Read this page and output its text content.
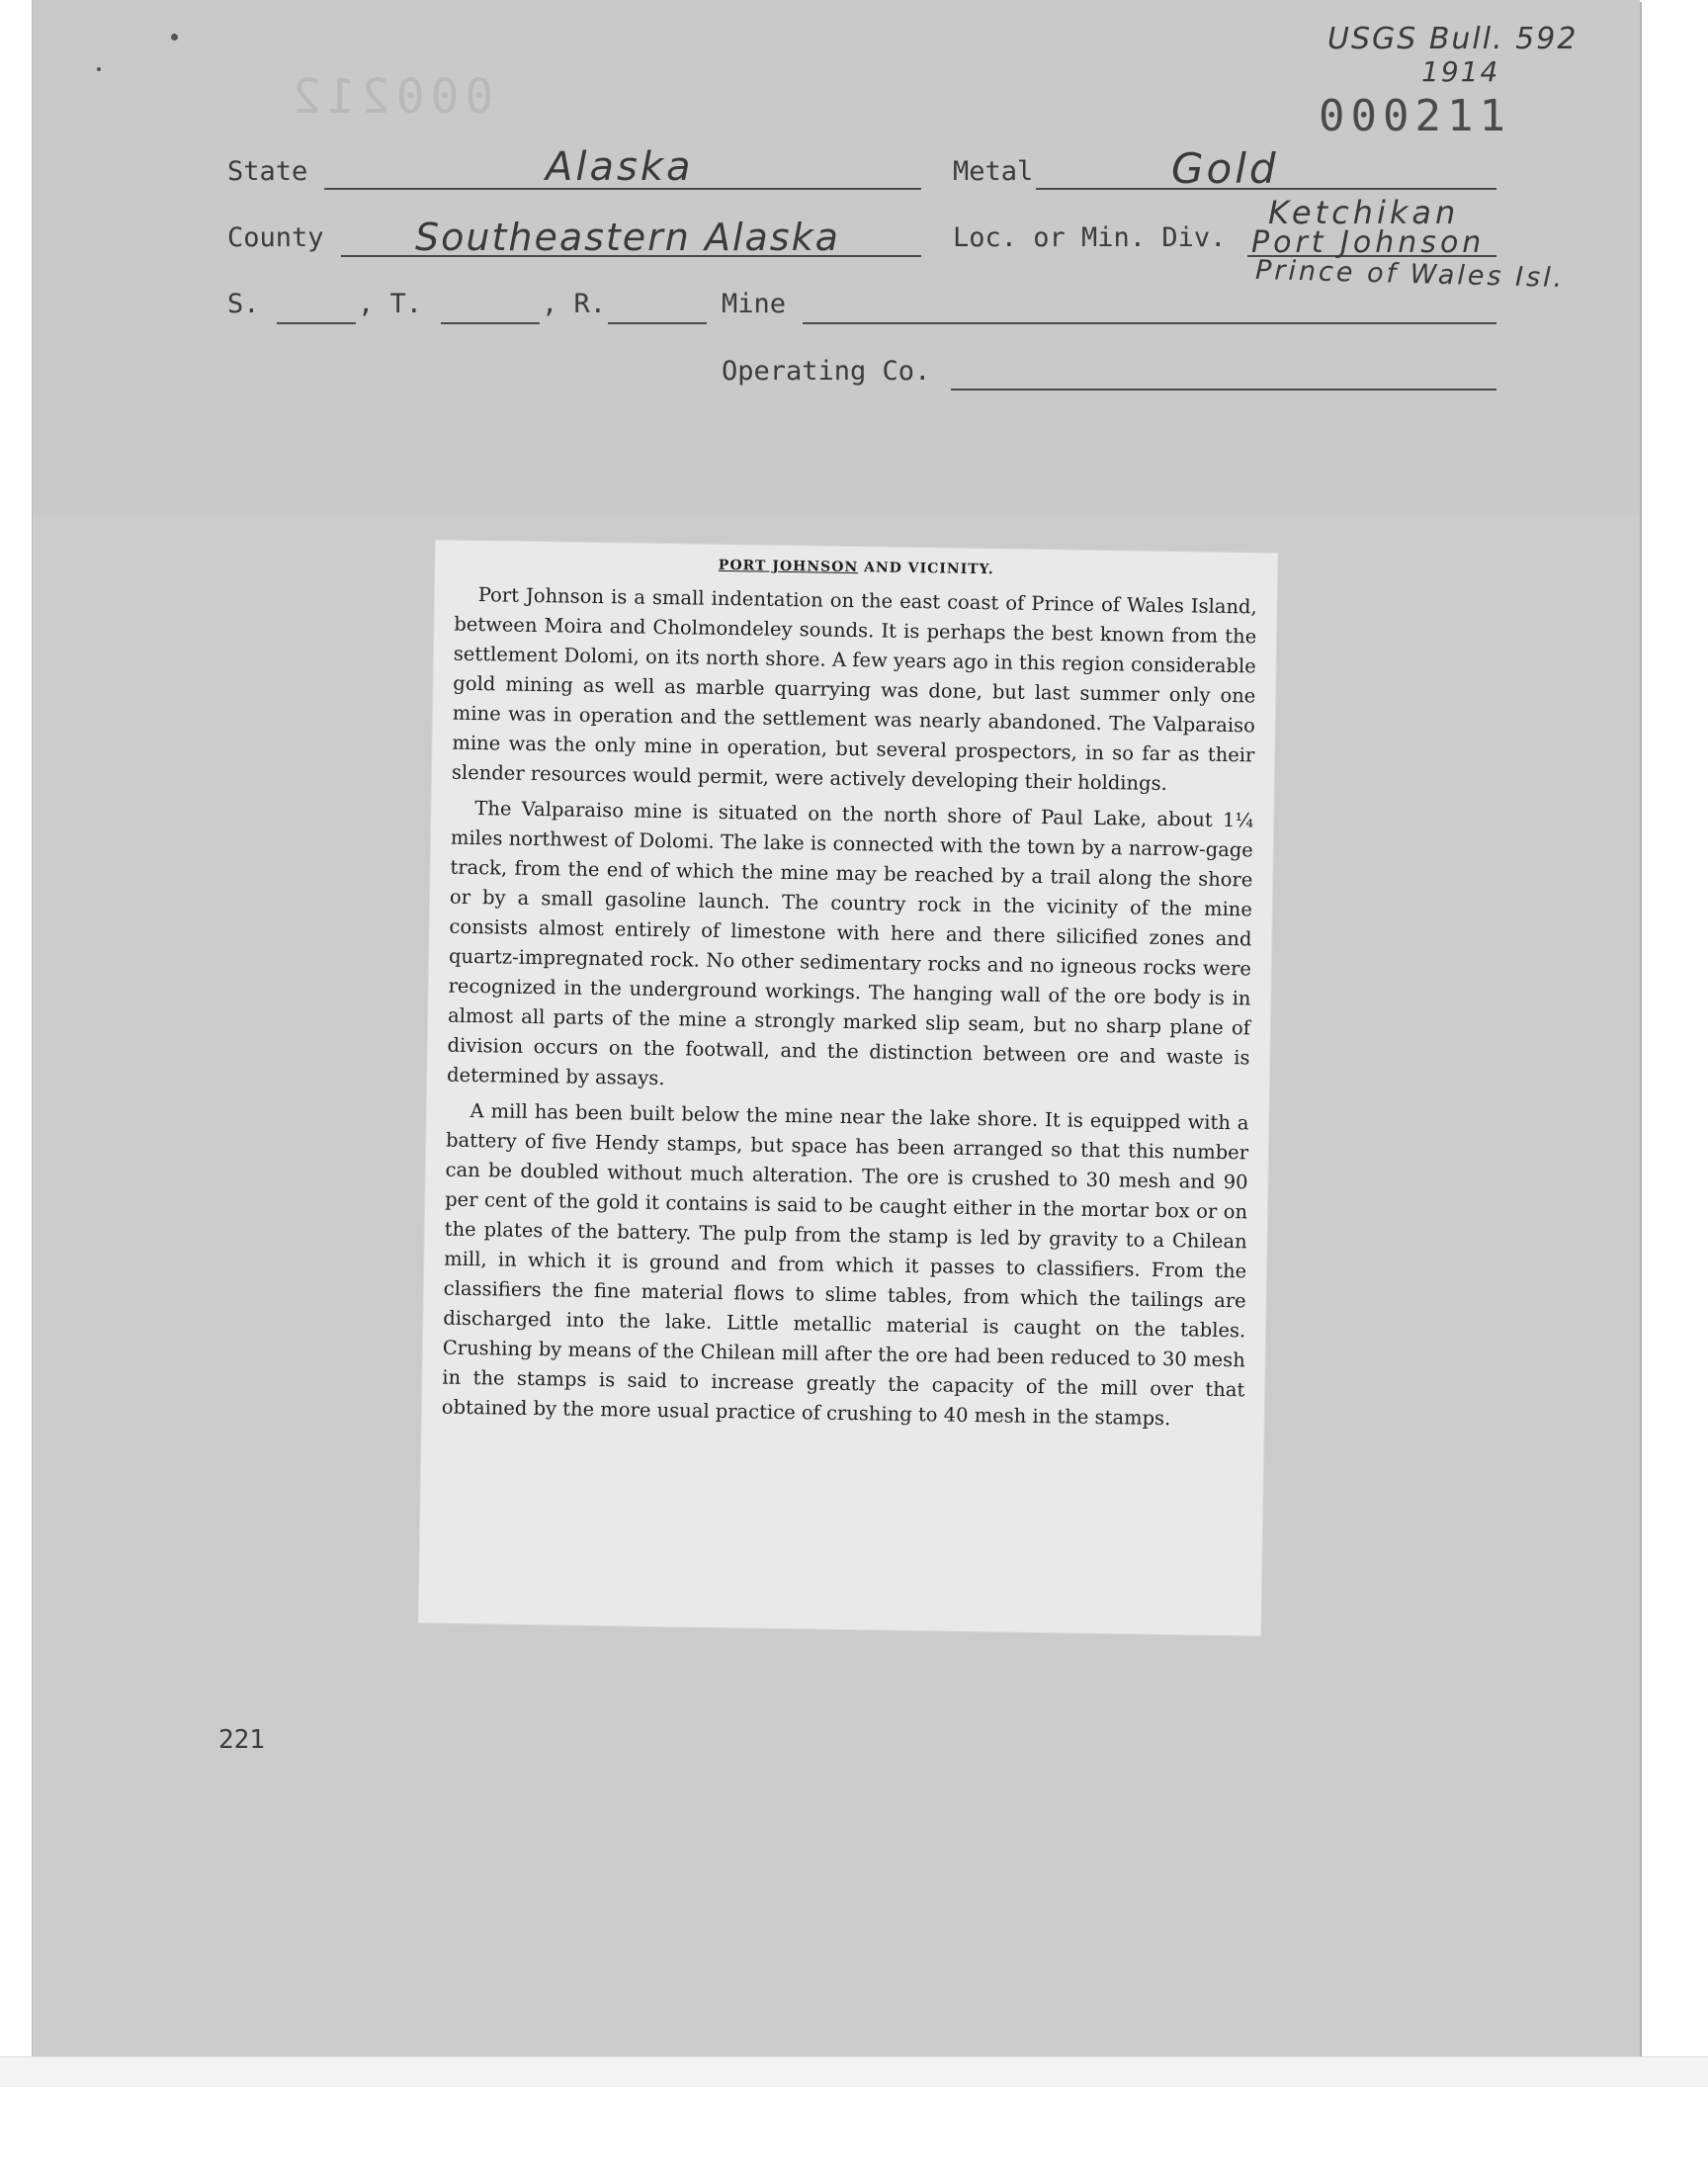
USGS Bull. 592
1914
000211
000212
State	Alaska	Metal	Gold
County Southeastern Alaska	Loc. or Min. Div.
Ketchikan
Port Johnson
Prince of Wales Isl.
S.	, T.	, R.	Mine
Operating Co.
PORT JOHNSON AND VICINITY.

Port Johnson is a small indentation on the east coast of Prince of Wales Island, between Moira and Cholmondeley sounds. It is perhaps the best known from the settlement Dolomi, on its north shore. A few years ago in this region considerable gold mining as well as marble quarrying was done, but last summer only one mine was in operation and the settlement was nearly abandoned. The Valparaiso mine was the only mine in operation, but several prospectors, in so far as their slender resources would permit, were actively developing their holdings.

The Valparaiso mine is situated on the north shore of Paul Lake, about 1¼ miles northwest of Dolomi. The lake is connected with the town by a narrow-gage track, from the end of which the mine may be reached by a trail along the shore or by a small gasoline launch. The country rock in the vicinity of the mine consists almost entirely of limestone with here and there silicified zones and quartz-impregnated rock. No other sedimentary rocks and no igneous rocks were recognized in the underground workings. The hanging wall of the ore body is in almost all parts of the mine a strongly marked slip seam, but no sharp plane of division occurs on the footwall, and the distinction between ore and waste is determined by assays.

A mill has been built below the mine near the lake shore. It is equipped with a battery of five Hendy stamps, but space has been arranged so that this number can be doubled without much alteration. The ore is crushed to 30 mesh and 90 per cent of the gold it contains is said to be caught either in the mortar box or on the plates of the battery. The pulp from the stamp is led by gravity to a Chilean mill, in which it is ground and from which it passes to classifiers. From the classifiers the fine material flows to slime tables, from which the tailings are discharged into the lake. Little metallic material is caught on the tables. Crushing by means of the Chilean mill after the ore had been reduced to 30 mesh in the stamps is said to increase greatly the capacity of the mill over that obtained by the more usual practice of crushing to 40 mesh in the stamps.

221
